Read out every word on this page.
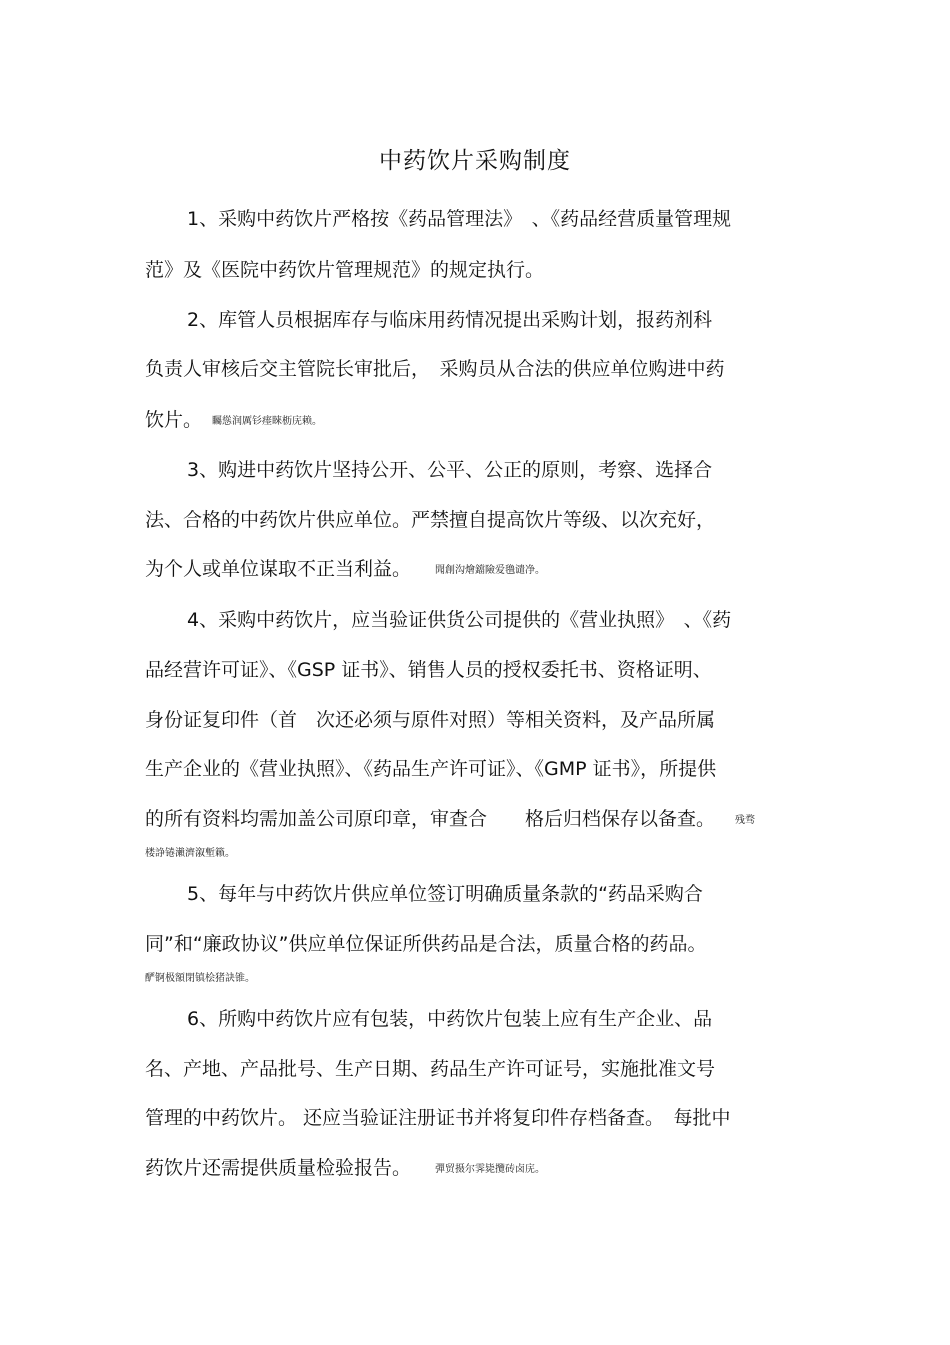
中药饮片采购制度
1、采购中药饮片严格按《药品管理法》　、《药品经营质量管理规
范》及《医院中药饮片管理规范》的规定执行。
2、库管人员根据库存与临床用药情况提出采购计划，报药剂科
负责人审核后交主管院长审批后，　采购员从合法的供应单位购进中药
饮片。 矚慫润厲钐瘗睞枥庑赖。
3、购进中药饮片坚持公开、公平、公正的原则，考察、选择合
法、合格的中药饮片供应单位。严禁擅自提高饮片等级、以次充好，
为个人或单位谋取不正当利益。 聞創沟燴鐺險爱氇谴净。
4、采购中药饮片，应当验证供货公司提供的《营业执照》　、《药
品经营许可证》、《GSP 证书》、销售人员的授权委托书、资格证明、
身份证复印件（首　次还必须与原件对照）等相关资料，及产品所属
生产企业的《营业执照》、《药品生产许可证》、《GMP 证书》，所提供
的所有资料均需加盖公司原印章，审查合　　格后归档保存以备查。 残骛
楼諍锩瀨濟溆塹籟。
5、每年与中药饮片供应单位签订明确质量条款的“药品采购合
同”和“廉政协议”供应单位保证所供药品是合法，质量合格的药品。
酽锕极額閉镇桧猪訣锥。
6、所购中药饮片应有包装，中药饮片包装上应有生产企业、品
名、产地、产品批号、生产日期、药品生产许可证号，实施批准文号
管理的中药饮片。 还应当验证注册证书并将复印件存档备查。　每批中
药饮片还需提供质量检验报告。 彈贸摄尔霁毙攬砖卤庑。
